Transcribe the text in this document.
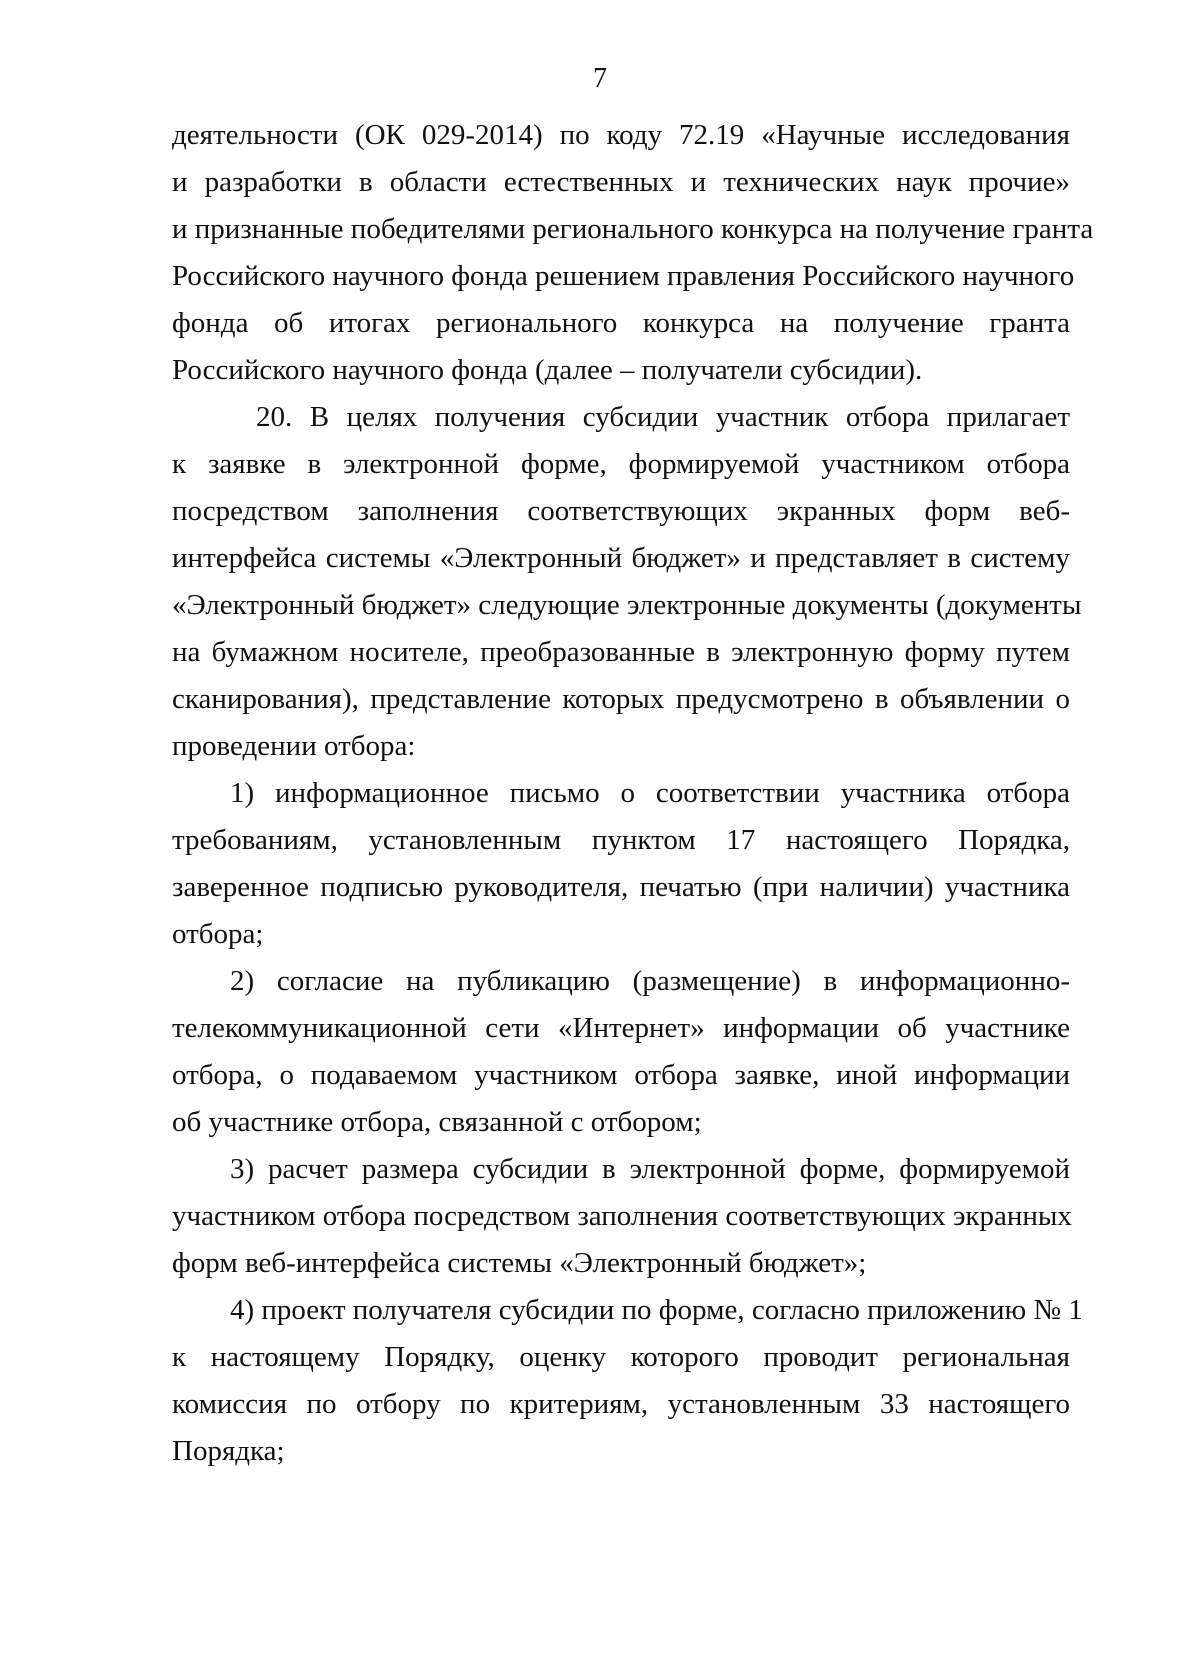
7
деятельности (ОК 029-2014) по коду 72.19 «Научные исследования
и разработки в области естественных и технических наук прочие»
и признанные победителями регионального конкурса на получение гранта
Российского научного фонда решением правления Российского научного
фонда об итогах регионального конкурса на получение гранта
Российского научного фонда (далее – получатели субсидии).
20. В целях получения субсидии участник отбора прилагает
к заявке в электронной форме, формируемой участником отбора
посредством заполнения соответствующих экранных форм веб-
интерфейса системы «Электронный бюджет» и представляет в систему
«Электронный бюджет» следующие электронные документы (документы
на бумажном носителе, преобразованные в электронную форму путем
сканирования), представление которых предусмотрено в объявлении о
проведении отбора:
1) информационное письмо о соответствии участника отбора
требованиям, установленным пунктом 17 настоящего Порядка,
заверенное подписью руководителя, печатью (при наличии) участника
отбора;
2) согласие на публикацию (размещение) в информационно-
телекоммуникационной сети «Интернет» информации об участнике
отбора, о подаваемом участником отбора заявке, иной информации
об участнике отбора, связанной с отбором;
3) расчет размера субсидии в электронной форме, формируемой
участником отбора посредством заполнения соответствующих экранных
форм веб-интерфейса системы «Электронный бюджет»;
4) проект получателя субсидии по форме, согласно приложению № 1
к настоящему Порядку, оценку которого проводит региональная
комиссия по отбору по критериям, установленным 33 настоящего
Порядка;
